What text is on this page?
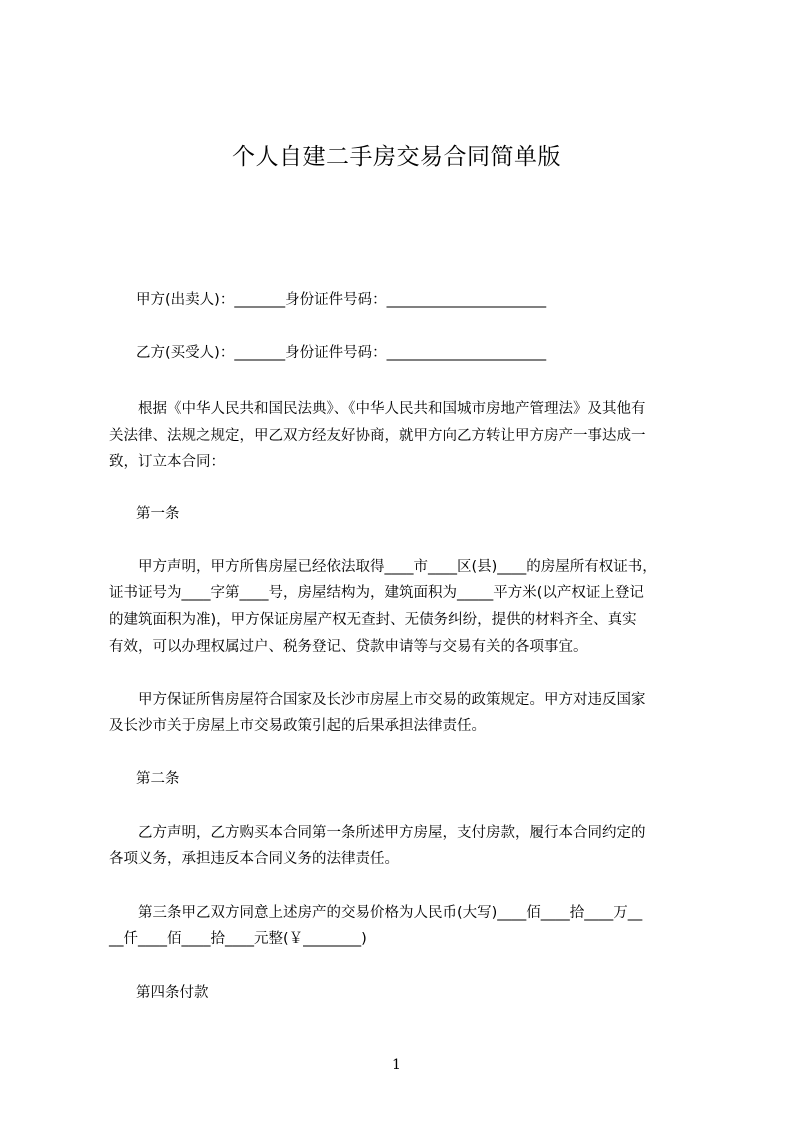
个人自建二手房交易合同简单版
甲方(出卖人)：_______身份证件号码：______________________
乙方(买受人)：_______身份证件号码：______________________
根据《中华人民共和国民法典》、《中华人民共和国城市房地产管理法》及其他有
关法律、法规之规定，甲乙双方经友好协商，就甲方向乙方转让甲方房产一事达成一
致，订立本合同：
第一条
甲方声明，甲方所售房屋已经依法取得____市____区(县)____的房屋所有权证书，
证书证号为____字第____号，房屋结构为，建筑面积为_____平方米(以产权证上登记
的建筑面积为准)，甲方保证房屋产权无查封、无债务纠纷，提供的材料齐全、真实
有效，可以办理权属过户、税务登记、贷款申请等与交易有关的各项事宜。
甲方保证所售房屋符合国家及长沙市房屋上市交易的政策规定。甲方对违反国家
及长沙市关于房屋上市交易政策引起的后果承担法律责任。
第二条
乙方声明，乙方购买本合同第一条所述甲方房屋，支付房款，履行本合同约定的
各项义务，承担违反本合同义务的法律责任。
第三条甲乙双方同意上述房产的交易价格为人民币(大写)____佰____拾____万__
__仟____佰____拾____元整(￥________)
第四条付款
1
